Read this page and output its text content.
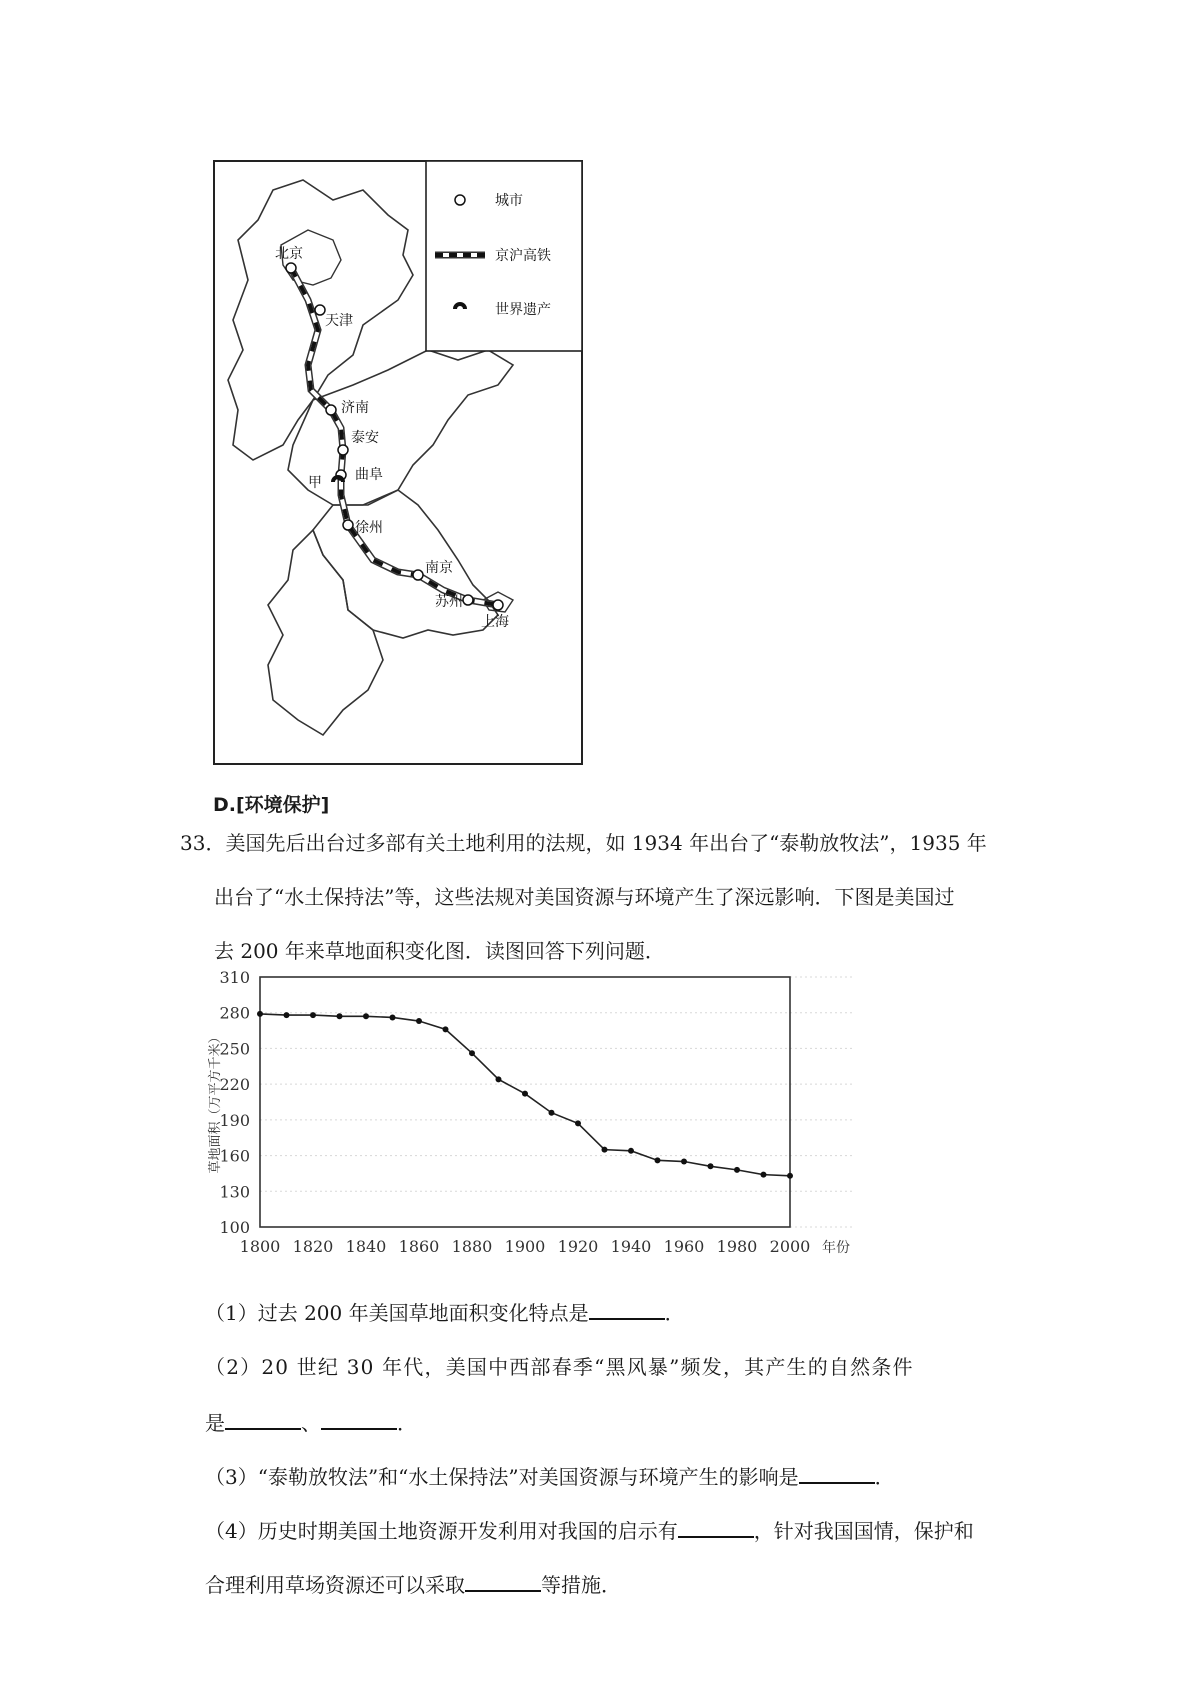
北京
天津
济南
泰安
曲阜
徐州
南京
苏州
上海
甲
城市
京沪高铁
世界遗产
D.[环境保护]
33．美国先后出台过多部有关土地利用的法规，如 1934 年出台了“泰勒放牧法”，1935 年
出台了“水土保持法”等，这些法规对美国资源与环境产生了深远影响．下图是美国过
去 200 年来草地面积变化图．读图回答下列问题．
310
280
250
220
190
160
130
100
1800 1820 1840 1860 1880 1900 1920 1940 1960 1980 2000 年份
草地面积（万平方千米）
（1）过去 200 年美国草地面积变化特点是	．
（2）20 世纪 30 年代，美国中西部春季“黑风暴”频发，其产生的自然条件
是	、	．
（3）“泰勒放牧法”和“水土保持法”对美国资源与环境产生的影响是	．
（4）历史时期美国土地资源开发利用对我国的启示有	，针对我国国情，保护和
合理利用草场资源还可以采取	等措施．
